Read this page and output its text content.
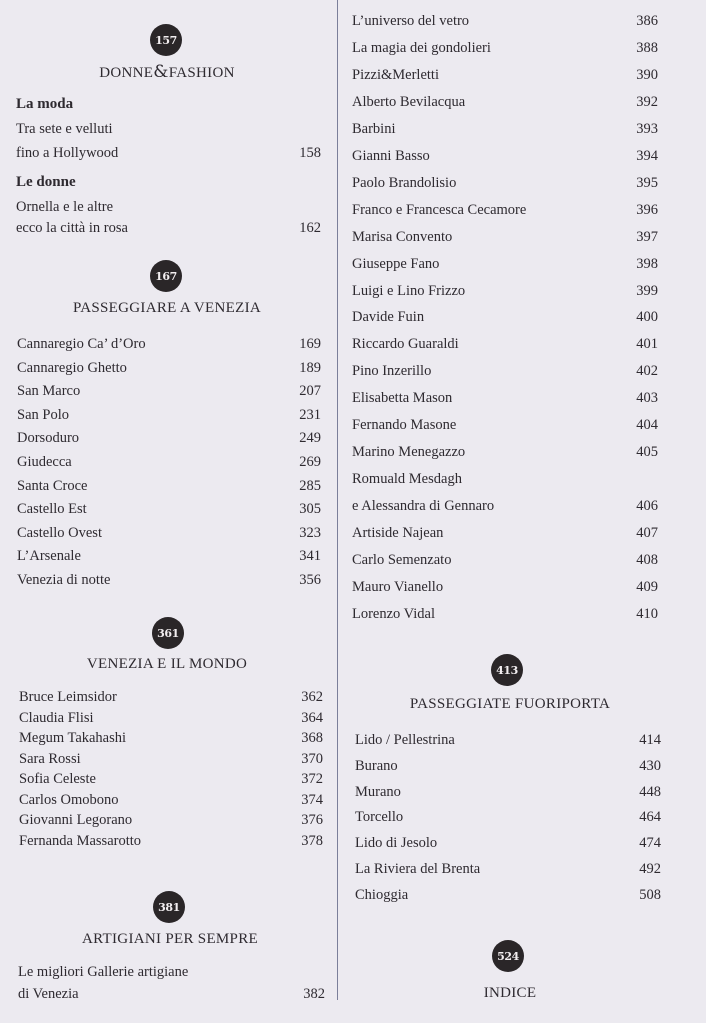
157
DONNE&FASHION
La moda
Tra sete e velluti
fino a Hollywood	158
Le donne
Ornella e le altre
ecco la città in rosa	162
167
PASSEGGIARE A VENEZIA
Cannaregio Ca’ d’Oro	169
Cannaregio Ghetto	189
San Marco	207
San Polo	231
Dorsoduro	249
Giudecca	269
Santa Croce	285
Castello Est	305
Castello Ovest	323
L’Arsenale	341
Venezia di notte	356
361
VENEZIA E IL MONDO
Bruce Leimsidor	362
Claudia Flisi	364
Megum Takahashi	368
Sara Rossi	370
Sofia Celeste	372
Carlos Omobono	374
Giovanni Legorano	376
Fernanda Massarotto	378
381
ARTIGIANI PER SEMPRE
Le migliori Gallerie artigiane
di Venezia	382
L’universo del vetro	386
La magia dei gondolieri	388
Pizzi&Merletti	390
Alberto Bevilacqua	392
Barbini	393
Gianni Basso	394
Paolo Brandolisio	395
Franco e Francesca Cecamore	396
Marisa Convento	397
Giuseppe Fano	398
Luigi e Lino Frizzo	399
Davide Fuin	400
Riccardo Guaraldi	401
Pino Inzerillo	402
Elisabetta Mason	403
Fernando Masone	404
Marino Menegazzo	405
Romuald Mesdagh
e Alessandra di Gennaro	406
Artiside Najean	407
Carlo Semenzato	408
Mauro Vianello	409
Lorenzo Vidal	410
413
PASSEGGIATE FUORIPORTA
Lido / Pellestrina	414
Burano	430
Murano	448
Torcello	464
Lido di Jesolo	474
La Riviera del Brenta	492
Chioggia	508
524
INDICE
